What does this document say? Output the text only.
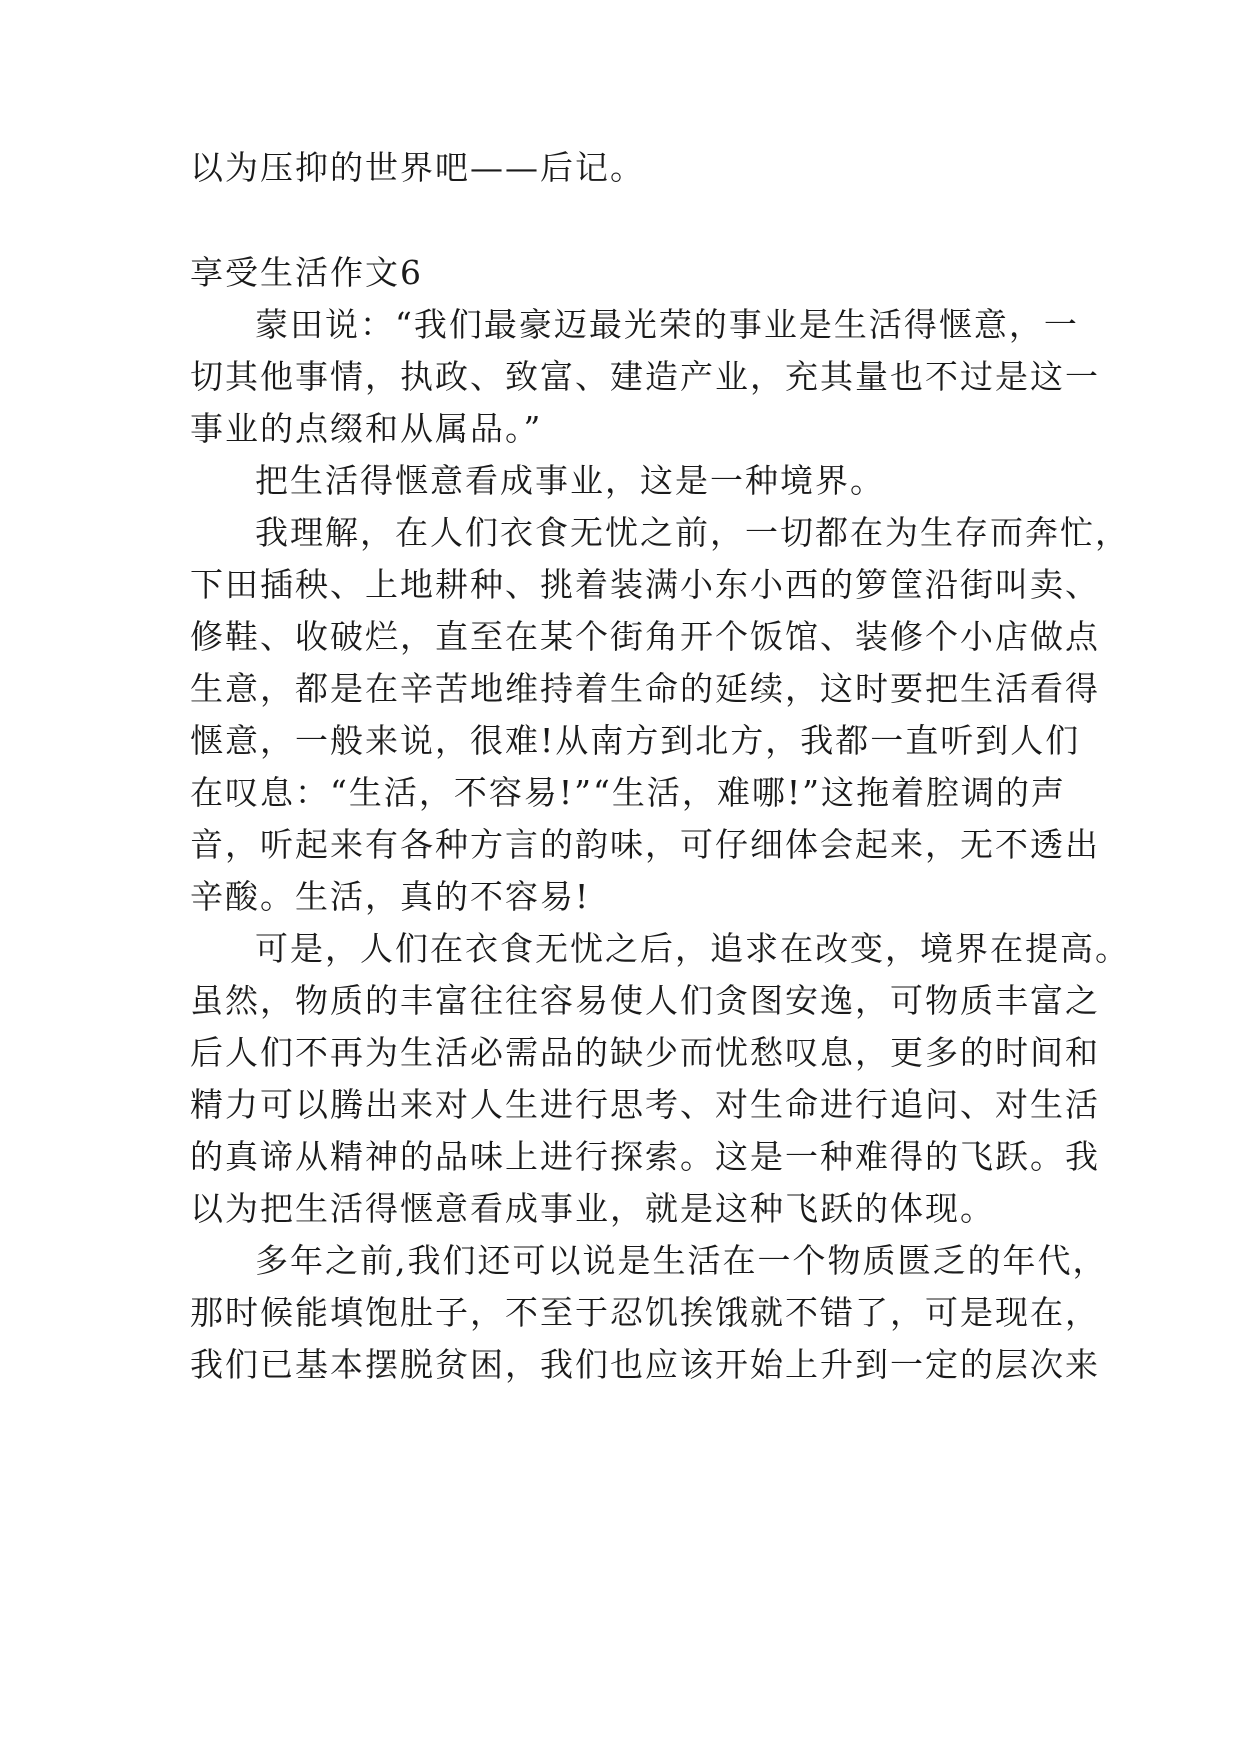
以为压抑的世界吧——后记。
享受生活作文6
蒙田说：“我们最豪迈最光荣的事业是生活得惬意，一
切其他事情，执政、致富、建造产业，充其量也不过是这一
事业的点缀和从属品。”
把生活得惬意看成事业，这是一种境界。
我理解，在人们衣食无忧之前，一切都在为生存而奔忙，
下田插秧、上地耕种、挑着装满小东小西的箩筐沿街叫卖、
修鞋、收破烂，直至在某个街角开个饭馆、装修个小店做点
生意，都是在辛苦地维持着生命的延续，这时要把生活看得
惬意，一般来说，很难!从南方到北方，我都一直听到人们
在叹息：“生活，不容易!”“生活，难哪!”这拖着腔调的声
音，听起来有各种方言的韵味，可仔细体会起来，无不透出
辛酸。生活，真的不容易!
可是，人们在衣食无忧之后，追求在改变，境界在提高。
虽然，物质的丰富往往容易使人们贪图安逸，可物质丰富之
后人们不再为生活必需品的缺少而忧愁叹息，更多的时间和
精力可以腾出来对人生进行思考、对生命进行追问、对生活
的真谛从精神的品味上进行探索。这是一种难得的飞跃。我
以为把生活得惬意看成事业，就是这种飞跃的体现。
多年之前,我们还可以说是生活在一个物质匮乏的年代，
那时候能填饱肚子，不至于忍饥挨饿就不错了，可是现在，
我们已基本摆脱贫困，我们也应该开始上升到一定的层次来
